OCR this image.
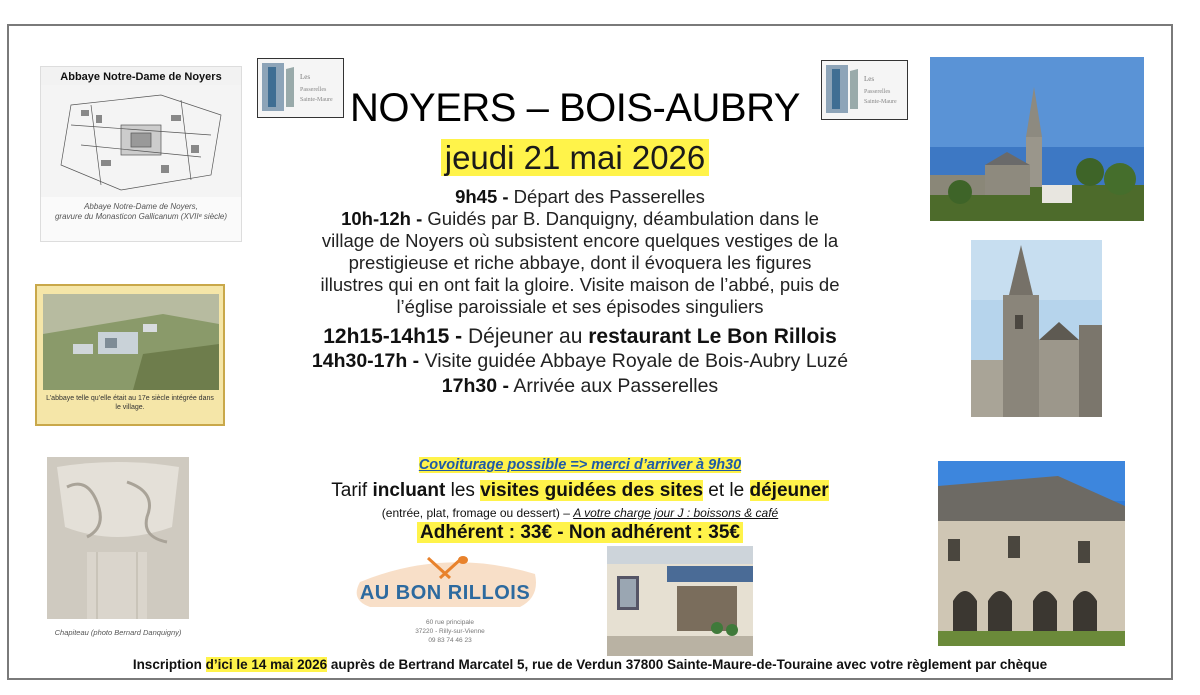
Abbaye Notre-Dame de Noyers
Abbaye Notre-Dame de Noyers,
gravure du Monasticon Gallicanum (XVIIᵉ siècle)
L’abbaye telle qu’elle était au 17e siècle intégrée dans le village.
Chapiteau (photo Bernard Danquigny)
Les
Passerelles
Sainte-Maure
Les
Passerelles
Sainte-Maure
NOYERS – BOIS-AUBRY
jeudi 21 mai 2026
9h45 - Départ des Passerelles
10h-12h - Guidés par B. Danquigny, déambulation dans le
village de Noyers où subsistent encore quelques vestiges de la
prestigieuse et riche abbaye, dont il évoquera les figures
illustres qui en ont fait la gloire. Visite maison de l’abbé, puis de
l’église paroissiale et ses épisodes singuliers
12h15-14h15 - Déjeuner au restaurant Le Bon Rillois
14h30-17h - Visite guidée Abbaye Royale de Bois-Aubry Luzé
17h30 - Arrivée aux Passerelles
Covoiturage possible => merci d’arriver à 9h30
Tarif incluant les visites guidées des sites et le déjeuner
(entrée, plat, fromage ou dessert) – A votre charge jour J : boissons & café
Adhérent : 33€ - Non adhérent : 35€
AU BON RILLOIS
60 rue principale
37220 - Rilly-sur-Vienne
09 83 74 46 23
Inscription d’ici le 14 mai 2026 auprès de Bertrand Marcatel 5, rue de Verdun 37800 Sainte-Maure-de-Touraine avec votre règlement par chèque
